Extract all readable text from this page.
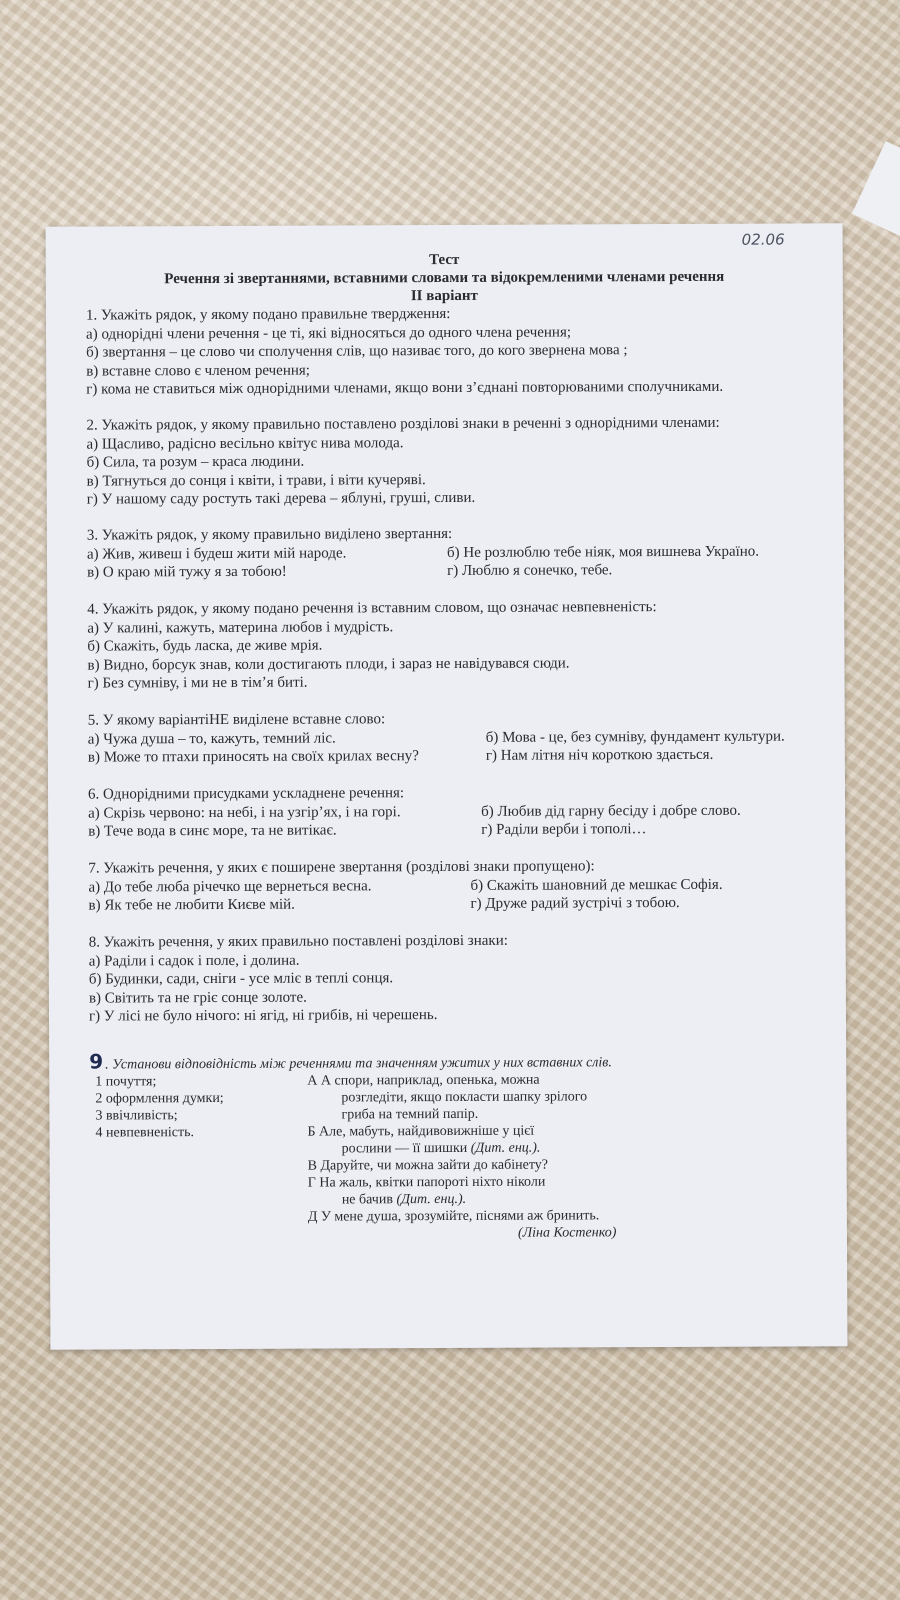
02.06
Тест
Речення зі звертаннями, вставними словами та відокремленими членами речення
ІІ варіант
1. Укажіть рядок, у якому подано правильне твердження:
а) однорідні члени речення - це ті, які відносяться до одного члена речення;
б) звертання – це слово чи сполучення слів, що називає того, до кого звернена мова ;
в) вставне слово є членом речення;
г) кома не ставиться між однорідними членами, якщо вони з’єднані повторюваними сполучниками.
2. Укажіть рядок, у якому правильно поставлено розділові знаки в реченні з однорідними членами:
а) Щасливо, радісно весільно квітує нива молода.
б) Сила, та розум – краса людини.
в) Тягнуться до сонця і квіти, і трави, і віти кучеряві.
г) У нашому саду ростуть такі дерева – яблуні, груші, сливи.
3. Укажіть рядок, у якому правильно виділено звертання:
а) Жив, живеш і будеш жити мій народе.	б) Не розлюблю тебе ніяк, моя вишнева Україно.
в) О краю мій тужу я за тобою!	г) Люблю я сонечко, тебе.
4. Укажіть рядок, у якому подано речення із вставним словом, що означає невпевненість:
а) У калині, кажуть, материна любов і мудрість.
б) Скажіть, будь ласка, де живе мрія.
в) Видно, борсук знав, коли достигають плоди, і зараз не навідувався сюди.
г) Без сумніву, і ми не в тім’я биті.
5. У якому варіантіНЕ виділене вставне слово:
а) Чужа душа – то, кажуть, темний ліс.	б) Мова - це, без сумніву, фундамент культури.
в) Може то птахи приносять на своїх крилах весну?	г) Нам літня ніч короткою здається.
6. Однорідними присудками ускладнене речення:
а) Скрізь червоно: на небі, і на узгір’ях, і на горі.	б) Любив дід гарну бесіду і добре слово.
в) Тече вода в синє море, та не витікає.	г) Раділи верби і тополі…
7. Укажіть речення, у яких є поширене звертання (розділові знаки пропущено):
а) До тебе люба річечко ще вернеться весна.	б) Скажіть шановний де мешкає Софія.
в) Як тебе не любити Києве мій.	г) Друже радий зустрічі з тобою.
8. Укажіть речення, у яких правильно поставлені розділові знаки:
а) Раділи і садок і поле, і долина.
б) Будинки, сади, сніги - усе мліє в теплі сонця.
в) Світить та не гріє сонце золоте.
г) У лісі не було нічого: ні ягід, ні грибів, ні черешень.
9 . Установи відповідність між реченнями та значенням ужитих у них вставних слів.
1 почуття;
2 оформлення думки;
3 ввічливість;
4 невпевненість.
А А спори, наприклад, опенька, можна
розгледіти, якщо покласти шапку зрілого
гриба на темний папір.
Б Але, мабуть, найдивовижніше у цієї
рослини — її шишки (Дит. енц.).
В Даруйте, чи можна зайти до кабінету?
Г На жаль, квітки папороті ніхто ніколи
не бачив (Дит. енц.).
Д У мене душа, зрозумійте, піснями аж бринить.
(Ліна Костенко)
